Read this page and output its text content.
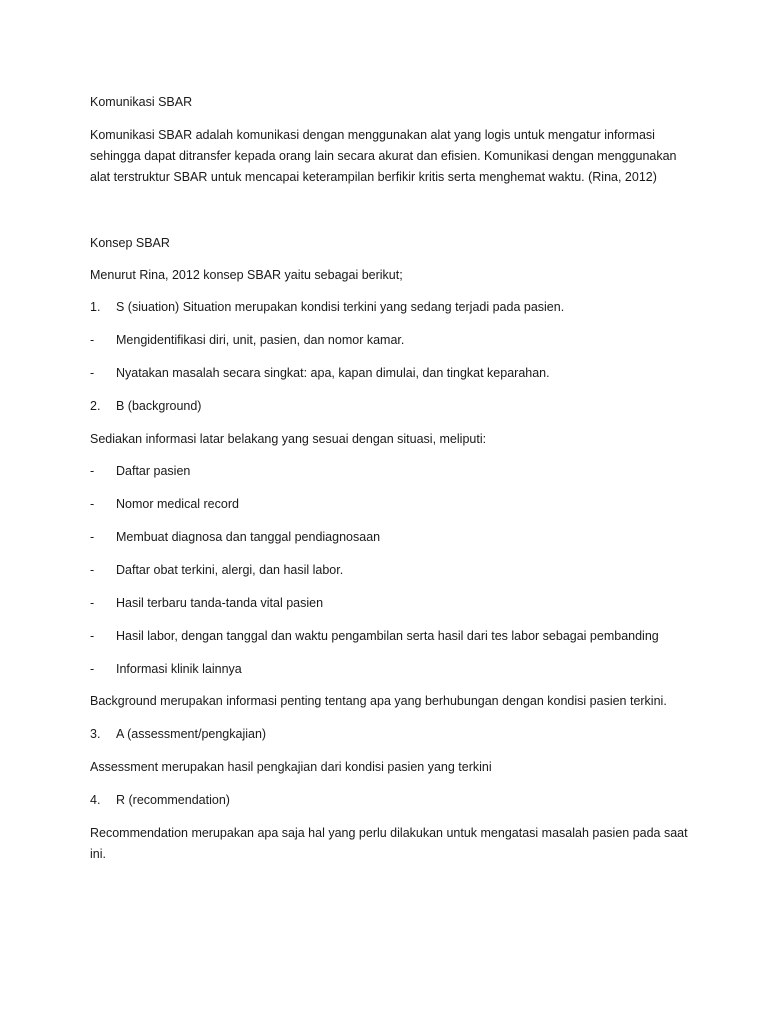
Komunikasi SBAR

Komunikasi SBAR adalah komunikasi dengan menggunakan alat yang logis untuk mengatur informasi sehingga dapat ditransfer kepada orang lain secara akurat dan efisien. Komunikasi dengan menggunakan alat terstruktur SBAR untuk mencapai keterampilan berfikir kritis serta menghemat waktu. (Rina, 2012)

Konsep SBAR

Menurut Rina, 2012 konsep SBAR yaitu sebagai berikut;

1. S (siuation) Situation merupakan kondisi terkini yang sedang terjadi pada pasien.
- Mengidentifikasi diri, unit, pasien, dan nomor kamar.
- Nyatakan masalah secara singkat: apa, kapan dimulai, dan tingkat keparahan.
2. B (background)

Sediakan informasi latar belakang yang sesuai dengan situasi, meliputi:

- Daftar pasien
- Nomor medical record
- Membuat diagnosa dan tanggal pendiagnosaan
- Daftar obat terkini, alergi, dan hasil labor.
- Hasil terbaru tanda-tanda vital pasien
- Hasil labor, dengan tanggal dan waktu pengambilan serta hasil dari tes labor sebagai pembanding
- Informasi klinik lainnya

Background merupakan informasi penting tentang apa yang berhubungan dengan kondisi pasien terkini.

3. A (assessment/pengkajian)

Assessment merupakan hasil pengkajian dari kondisi pasien yang terkini

4. R (recommendation)

Recommendation merupakan apa saja hal yang perlu dilakukan untuk mengatasi masalah pasien pada saat ini.
